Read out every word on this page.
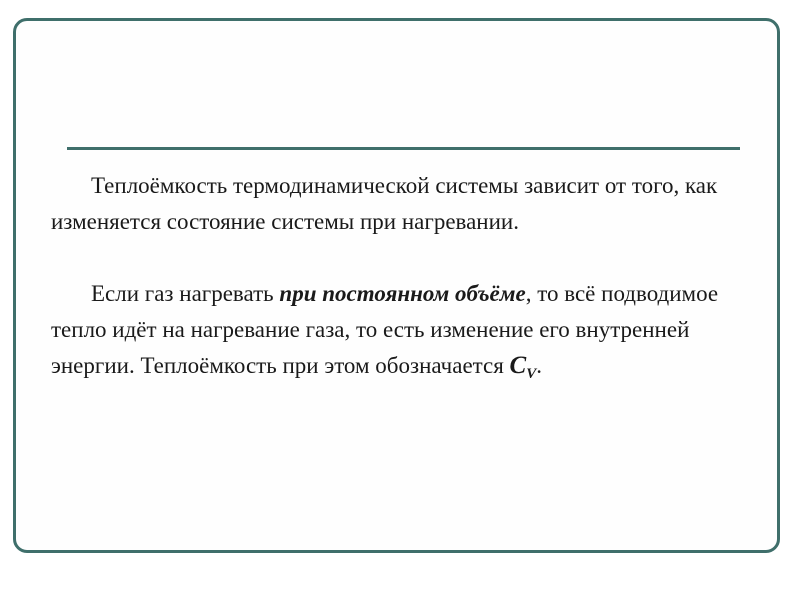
Теплоёмкость термодинамической системы зависит от того, как изменяется состояние системы при нагревании.

Если газ нагревать при постоянном объёме, то всё подводимое тепло идёт на нагревание газа, то есть изменение его внутренней энергии. Теплоёмкость при этом обозначается $C_V$.
